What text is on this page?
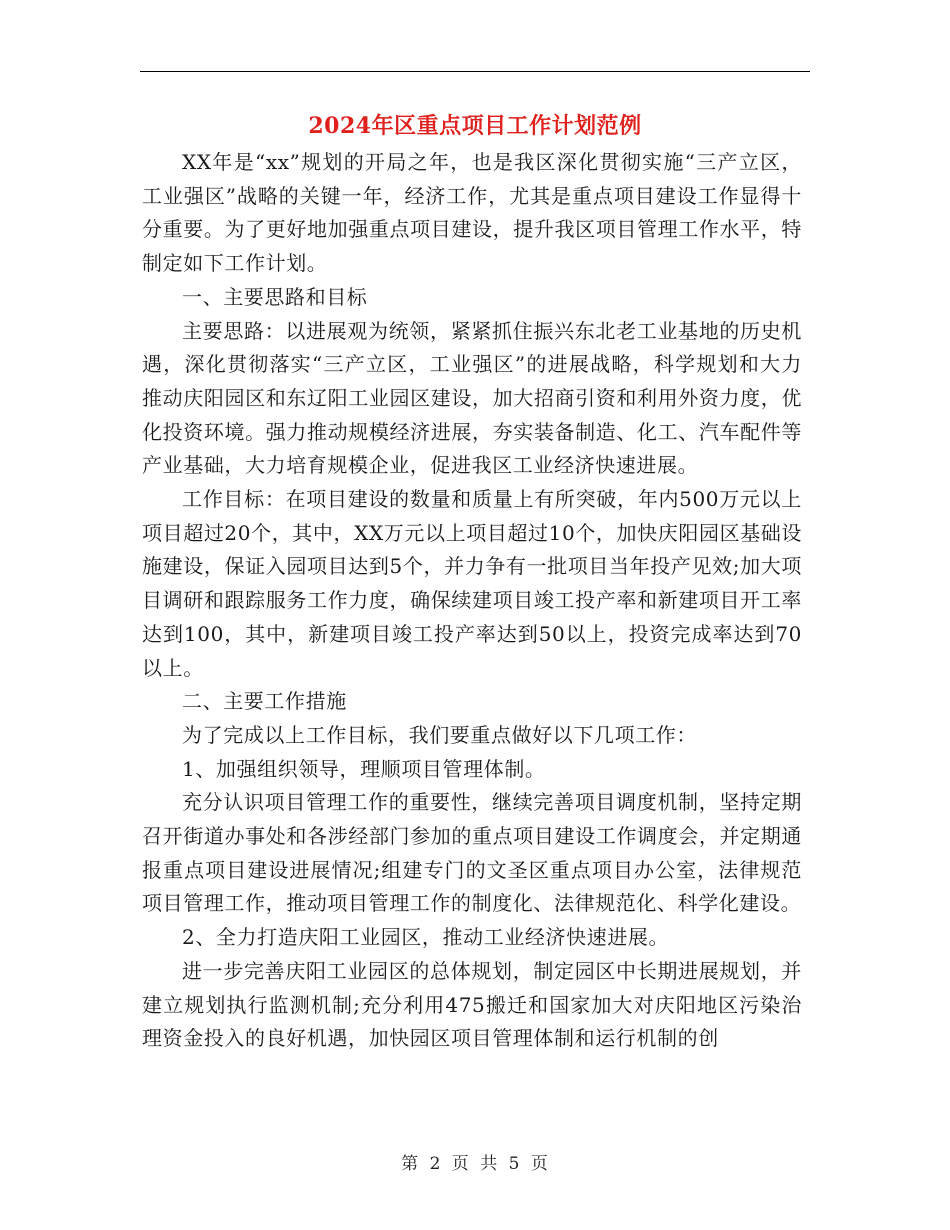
2024年区重点项目工作计划范例

XX年是“xx”规划的开局之年，也是我区深化贯彻实施“三产立区，工业强区”战略的关键一年，经济工作，尤其是重点项目建设工作显得十分重要。为了更好地加强重点项目建设，提升我区项目管理工作水平，特制定如下工作计划。

一、主要思路和目标

主要思路：以进展观为统领，紧紧抓住振兴东北老工业基地的历史机遇，深化贯彻落实“三产立区，工业强区”的进展战略，科学规划和大力推动庆阳园区和东辽阳工业园区建设，加大招商引资和利用外资力度，优化投资环境。强力推动规模经济进展，夯实装备制造、化工、汽车配件等产业基础，大力培育规模企业，促进我区工业经济快速进展。

工作目标：在项目建设的数量和质量上有所突破，年内500万元以上项目超过20个，其中，XX万元以上项目超过10个，加快庆阳园区基础设施建设，保证入园项目达到5个，并力争有一批项目当年投产见效;加大项目调研和跟踪服务工作力度，确保续建项目竣工投产率和新建项目开工率达到100，其中，新建项目竣工投产率达到50以上，投资完成率达到70以上。

二、主要工作措施

为了完成以上工作目标，我们要重点做好以下几项工作：

1、加强组织领导，理顺项目管理体制。

充分认识项目管理工作的重要性，继续完善项目调度机制，坚持定期召开街道办事处和各涉经部门参加的重点项目建设工作调度会，并定期通报重点项目建设进展情况;组建专门的文圣区重点项目办公室，法律规范项目管理工作，推动项目管理工作的制度化、法律规范化、科学化建设。

2、全力打造庆阳工业园区，推动工业经济快速进展。

进一步完善庆阳工业园区的总体规划，制定园区中长期进展规划，并建立规划执行监测机制;充分利用475搬迁和国家加大对庆阳地区污染治理资金投入的良好机遇，加快园区项目管理体制和运行机制的创

第 2 页 共 5 页
